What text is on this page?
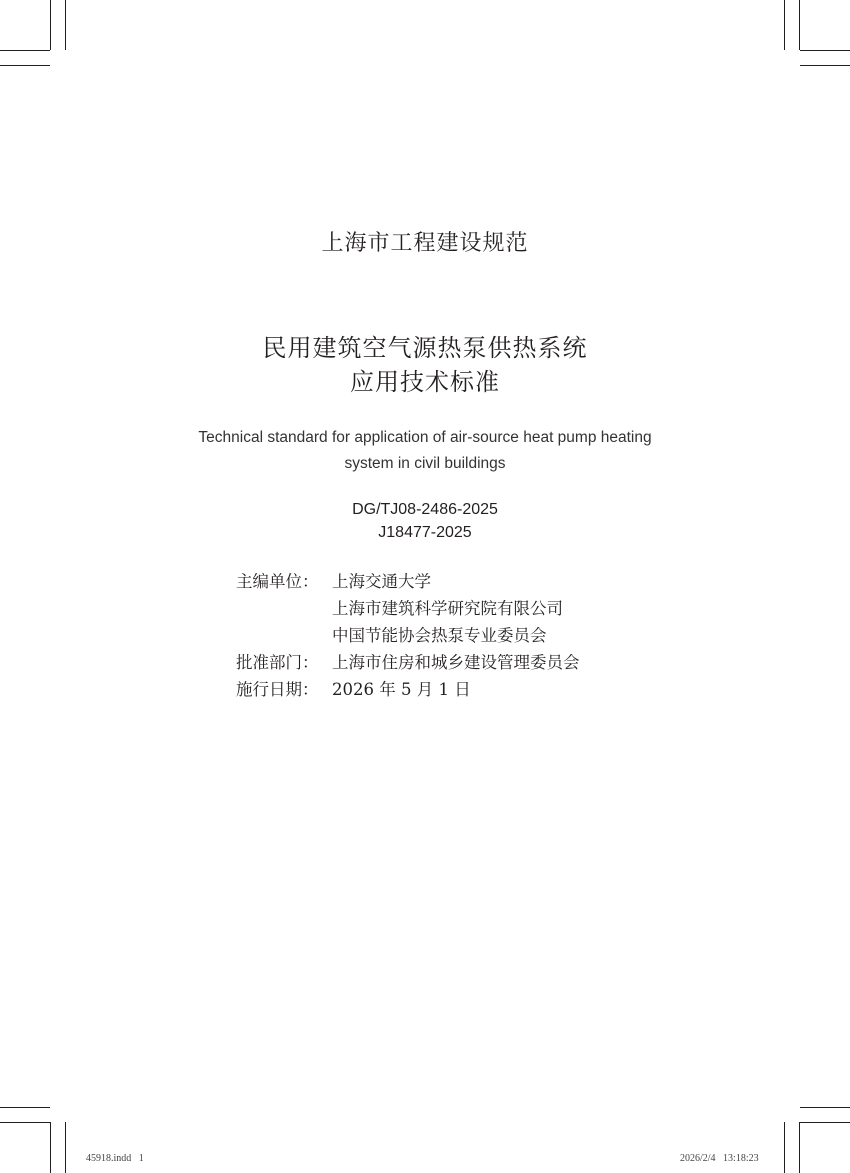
上海市工程建设规范
民用建筑空气源热泵供热系统
应用技术标准
Technical standard for application of air-source heat pump heating
system in civil buildings
DG/TJ08-2486-2025
J18477-2025
主编单位： 上海交通大学
上海市建筑科学研究院有限公司
中国节能协会热泵专业委员会
批准部门： 上海市住房和城乡建设管理委员会
施行日期： 2026 年 5 月 1 日
45918.indd   1	2026/2/4   13:18:23
